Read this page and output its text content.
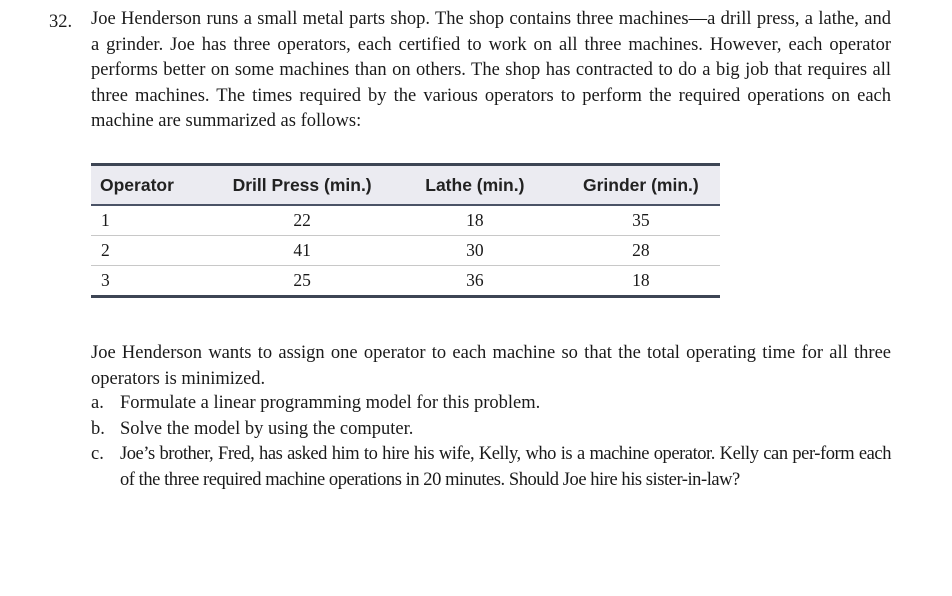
32. Joe Henderson runs a small metal parts shop. The shop contains three machines—a drill press, a lathe, and a grinder. Joe has three operators, each certified to work on all three machines. However, each operator performs better on some machines than on others. The shop has contracted to do a big job that requires all three machines. The times required by the various operators to perform the required operations on each machine are summarized as follows:
Operator	Drill Press (min.)	Lathe (min.)	Grinder (min.)
1	22	18	35
2	41	30	28
3	25	36	18
Joe Henderson wants to assign one operator to each machine so that the total operating time for all three operators is minimized.
a. Formulate a linear programming model for this problem.
b. Solve the model by using the computer.
c. Joe’s brother, Fred, has asked him to hire his wife, Kelly, who is a machine operator. Kelly can per-form each of the three required machine operations in 20 minutes. Should Joe hire his sister-in-law?
